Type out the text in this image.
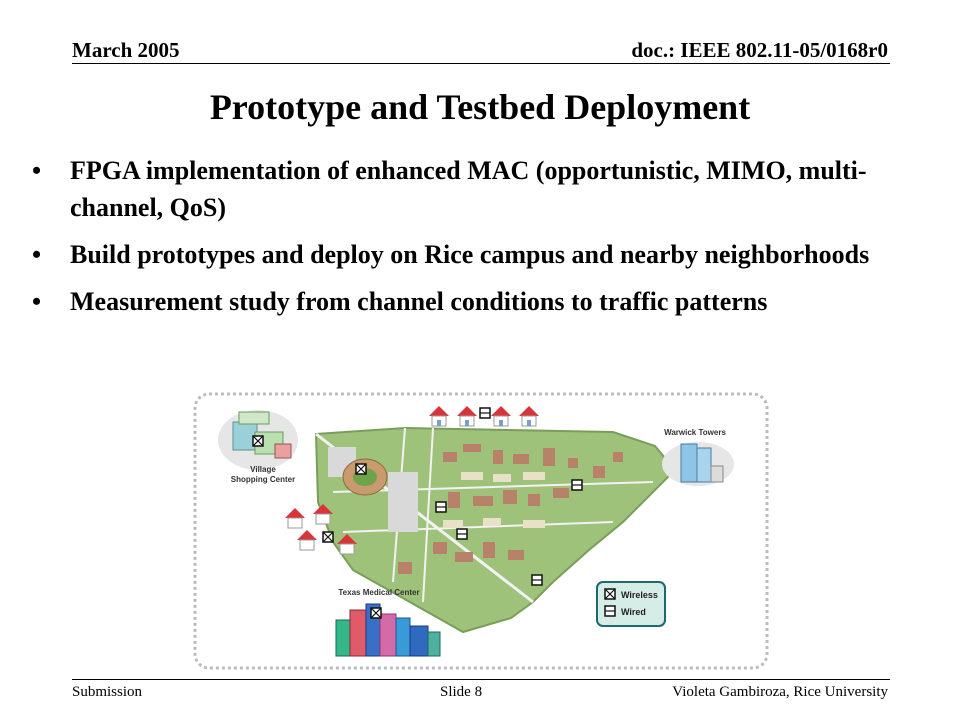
March 2005	doc.: IEEE 802.11-05/0168r0
Prototype and Testbed Deployment
• FPGA implementation of enhanced MAC (opportunistic, MIMO, multi-channel, QoS)
• Build prototypes and deploy on Rice campus and nearby neighborhoods
• Measurement study from channel conditions to traffic patterns
Village
Shopping Center
Warwick Towers
Texas Medical Center	Wireless
Wired
Submission	Slide 8	Violeta Gambiroza, Rice University
